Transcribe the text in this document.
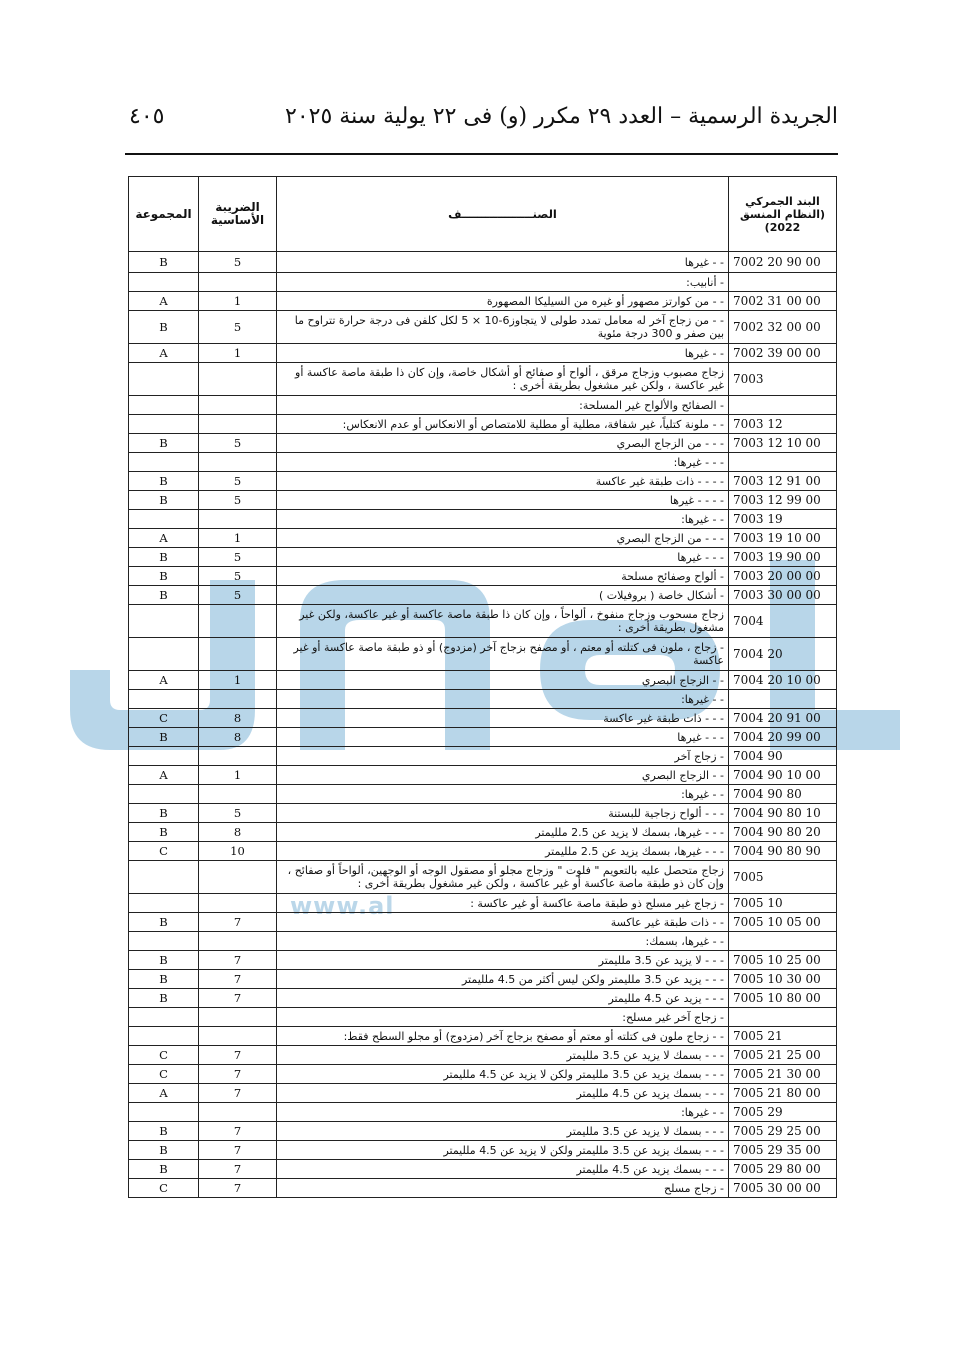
الجريدة الرسمية – العدد ٢٩ مكرر (و) فى ٢٢ يولية سنة ٢٠٢٥
٤٠٥
www.al
المجموعة	الضريبة الأساسية	الصنــــــــــــــــــف	البند الجمركي (النظام المنسق 2022)
B	5	- - غيرها	7002 20 90 00
		- أنابيب:	
A	1	- - من كوارتز مصهور أو غيره من السيليكا المصهورة	7002 31 00 00
B	5	- - من زجاج آخر له معامل تمدد طولى لا يتجاوز6-10 × 5 لكل كلفن فى درجة حرارة تتراوح ما بين صفر و 300 درجة مئوية	7002 32 00 00
A	1	- - غيرها	7002 39 00 00
		زجاج مصبوب وزجاج مرقق ، ألواح أو صفائح أو أشكال خاصة، وإن كان ذا طبقة ماصة عاكسة أو غير عاكسة ، ولكن غير مشغول بطريقة أخرى :	7003
		- الصفائح والألواح غير المسلحة:	
		- - ملونة كتلياً، غير شفافة، مطلية أو مطلية للامتصاص أو الانعكاس أو عدم الانعكاس:	7003 12
B	5	- - - من الزجاج البصري	7003 12 10 00
		- - - غيرها:	
B	5	- - - - ذات طبقة غير عاكسة	7003 12 91 00
B	5	- - - - غيرها	7003 12 99 00
		- - غيرها:	7003 19
A	1	- - - من الزجاج البصري	7003 19 10 00
B	5	- - - غيرها	7003 19 90 00
B	5	- ألواح وصفائح مسلحة	7003 20 00 00
B	5	- أشكال خاصة ( بروفيلات )	7003 30 00 00
		زجاج مسحوب وزجاج منفوخ ، ألواحاً ، وإن كان ذا طبقة ماصة عاكسة أو غير عاكسة، ولكن غير مشغول بطريقة أخرى :	7004
		- زجاج ، ملون فى كتلته أو معتم ، أو مصفح بزجاج آخر (مزدوج) أو ذو طبقة ماصة عاكسة أو غير عاكسة	7004 20
A	1	- - الزجاج البصري	7004 20 10 00
		- - غيرها:	
C	8	- - - ذات طبقة غير عاكسة	7004 20 91 00
B	8	- - - غيرها	7004 20 99 00
		- زجاج آخر	7004 90
A	1	- - الزجاج البصري	7004 90 10 00
		- - غيرها:	7004 90 80
B	5	- - - ألواح زجاجية للبستنة	7004 90 80 10
B	8	- - - غيرها، بسمك لا يزيد عن 2.5 ملليمتر	7004 90 80 20
C	10	- - - غيرها، بسمك يزيد عن 2.5 ملليمتر	7004 90 80 90
		زجاج متحصل عليه بالتعويم " فلوت " وزجاج مجلو أو مصقول الوجه أو الوجهين، ألواحاً أو صفائح ، وإن كان ذو طبقة ماصة عاكسة أو غير عاكسة ، ولكن غير مشغول بطريقة أخرى :	7005
		- زجاج غير مسلح ذو طبقة ماصة عاكسة أو غير عاكسة :	7005 10
B	7	- - ذات طبقة غير عاكسة	7005 10 05 00
		- - غيرها، بسمك:	
B	7	- - - لا يزيد عن 3.5 ملليمتر	7005 10 25 00
B	7	- - - يزيد عن 3.5 ملليمتر ولكن ليس أكثر من 4.5 ملليمتر	7005 10 30 00
B	7	- - - يزيد عن 4.5 ملليمتر	7005 10 80 00
		- زجاج آخر غير مسلح:	
		- - زجاج ملون فى كتلته أو معتم أو مصفح بزجاج آخر (مزدوج) أو مجلو السطح فقط:	7005 21
C	7	- - - بسمك لا يزيد عن 3.5 ملليمتر	7005 21 25 00
C	7	- - - بسمك يزيد عن 3.5 ملليمتر ولكن لا يزيد عن 4.5 ملليمتر	7005 21 30 00
A	7	- - - بسمك يزيد عن 4.5 ملليمتر	7005 21 80 00
		- - غيرها:	7005 29
B	7	- - - بسمك لا يزيد عن 3.5 ملليمتر	7005 29 25 00
B	7	- - - بسمك يزيد عن 3.5 ملليمتر ولكن لا يزيد عن 4.5 ملليمتر	7005 29 35 00
B	7	- - - بسمك يزيد عن 4.5 ملليمتر	7005 29 80 00
C	7	- زجاج مسلح	7005 30 00 00
